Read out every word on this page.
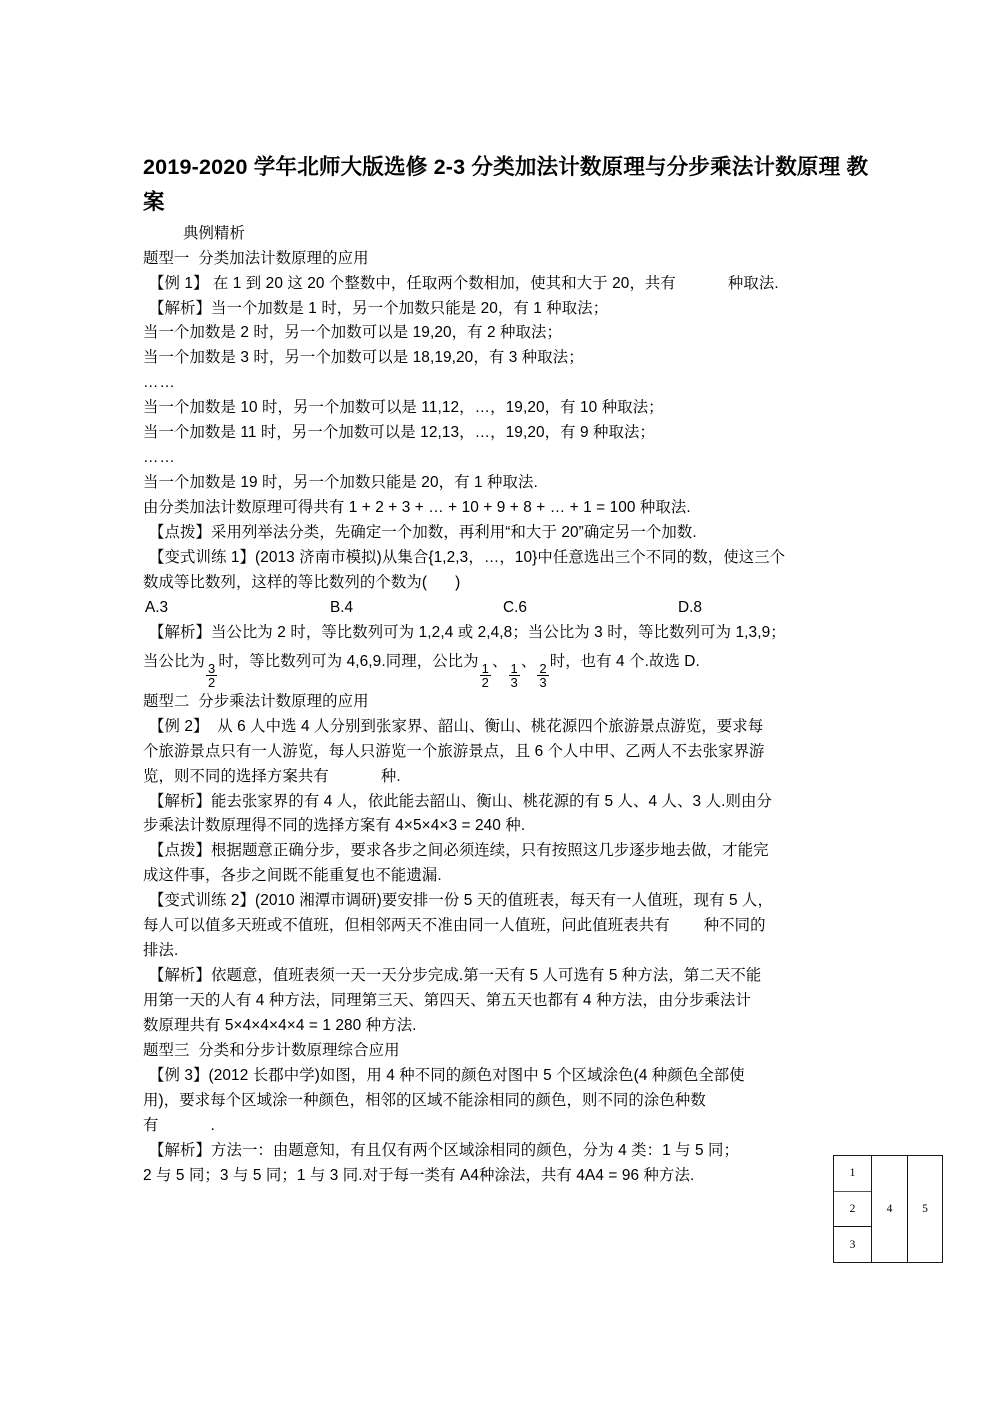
2019-2020 学年北师大版选修 2-3 分类加法计数原理与分步乘法计数原理 教案

典例精析

题型一  分类加法计数原理的应用

【例 1】 在 1 到 20 这 20 个整数中，任取两个数相加，使其和大于 20，共有	种取法.

【解析】当一个加数是 1 时，另一个加数只能是 20，有 1 种取法；

当一个加数是 2 时，另一个加数可以是 19,20，有 2 种取法；

当一个加数是 3 时，另一个加数可以是 18,19,20，有 3 种取法；

……

当一个加数是 10 时，另一个加数可以是 11,12，…，19,20，有 10 种取法；

当一个加数是 11 时，另一个加数可以是 12,13，…，19,20，有 9 种取法；

……

当一个加数是 19 时，另一个加数只能是 20，有 1 种取法.

由分类加法计数原理可得共有 1 + 2 + 3 + … + 10 + 9 + 8 + … + 1 = 100 种取法.

【点拨】采用列举法分类，先确定一个加数，再利用“和大于 20”确定另一个加数.

【变式训练 1】(2013 济南市模拟)从集合{1,2,3，…，10}中任意选出三个不同的数，使这三个

数成等比数列，这样的等比数列的个数为( )

A.3	B.4	C.6	D.8

【解析】当公比为 2 时，等比数列可为 1,2,4 或 2,4,8；当公比为 3 时，等比数列可为 1,3,9；

当公比为
$\frac{3}{2}$
时，等比数列可为 4,6,9.同理，公比为
$\frac{1}{2}$
、
$\frac{1}{3}$
、
$\frac{2}{3}$
时，也有 4 个.故选 D.

题型二  分步乘法计数原理的应用

【例 2】  从 6 人中选 4 人分别到张家界、韶山、衡山、桃花源四个旅游景点游览，要求每

个旅游景点只有一人游览，每人只游览一个旅游景点，且 6 个人中甲、乙两人不去张家界游

览，则不同的选择方案共有	种.

【解析】能去张家界的有 4 人，依此能去韶山、衡山、桃花源的有 5 人、4 人、3 人.则由分

步乘法计数原理得不同的选择方案有 4×5×4×3 = 240 种.

【点拨】根据题意正确分步，要求各步之间必须连续，只有按照这几步逐步地去做，才能完

成这件事，各步之间既不能重复也不能遗漏.

【变式训练 2】(2010 湘潭市调研)要安排一份 5 天的值班表，每天有一人值班，现有 5 人，

每人可以值多天班或不值班，但相邻两天不准由同一人值班，问此值班表共有 种不同的

排法.

【解析】依题意，值班表须一天一天分步完成.第一天有 5 人可选有 5 种方法，第二天不能

用第一天的人有 4 种方法，同理第三天、第四天、第五天也都有 4 种方法，由分步乘法计

数原理共有 5×4×4×4×4 = 1 280 种方法.

题型三  分类和分步计数原理综合应用

【例 3】(2012 长郡中学)如图，用 4 种不同的颜色对图中 5 个区域涂色(4 种颜色全部使

用)，要求每个区域涂一种颜色，相邻的区域不能涂相同的颜色，则不同的涂色种数

有	.

【解析】方法一：由题意知，有且仅有两个区域涂相同的颜色，分为 4 类：1 与 5 同；

2 与 5 同；3 与 5 同；1 与 3 同.对于每一类有 A4种涂法，共有 4A4 = 96 种方法.	1
2
3
4	5
